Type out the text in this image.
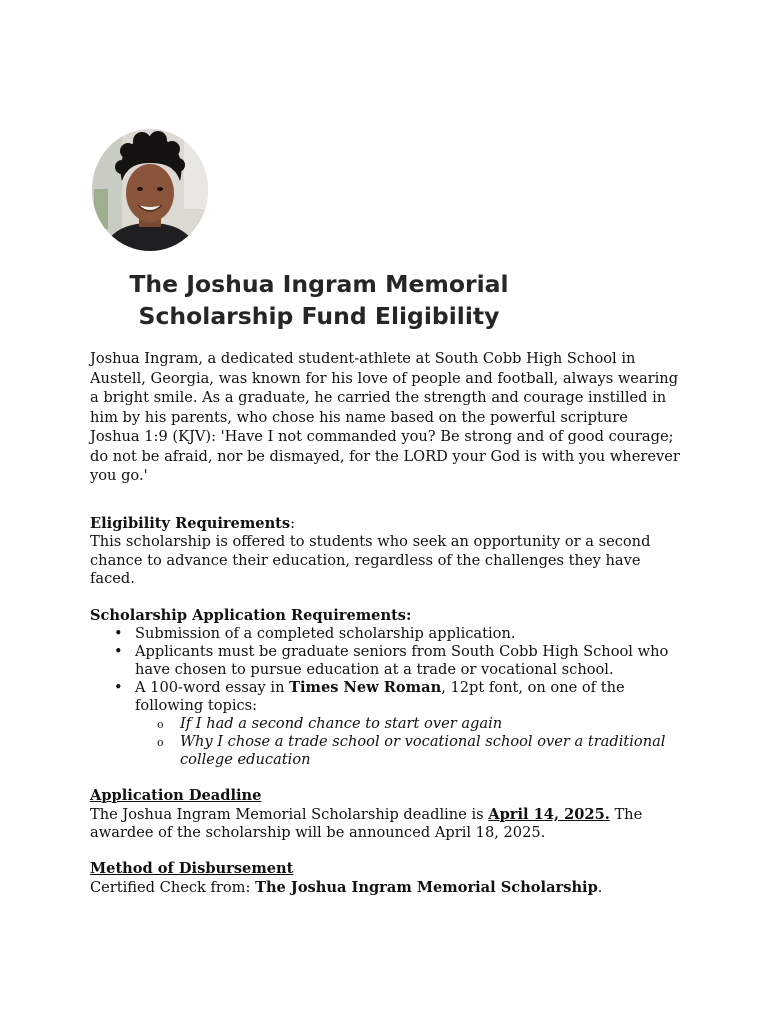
The Joshua Ingram Memorial
Scholarship Fund Eligibility

Joshua Ingram, a dedicated student-athlete at South Cobb High School in Austell, Georgia, was known for his love of people and football, always wearing a bright smile. As a graduate, he carried the strength and courage instilled in him by his parents, who chose his name based on the powerful scripture Joshua 1:9 (KJV): 'Have I not commanded you? Be strong and of good courage; do not be afraid, nor be dismayed, for the LORD your God is with you wherever you go.'

Eligibility Requirements:

This scholarship is offered to students who seek an opportunity or a second chance to advance their education, regardless of the challenges they have faced.

Scholarship Application Requirements:

• Submission of a completed scholarship application.
• Applicants must be graduate seniors from South Cobb High School who have chosen to pursue education at a trade or vocational school.
• A 100-word essay in Times New Roman, 12pt font, on one of the following topics:
o If I had a second chance to start over again
o Why I chose a trade school or vocational school over a traditional college education

Application Deadline

The Joshua Ingram Memorial Scholarship deadline is April 14, 2025. The awardee of the scholarship will be announced April 18, 2025.

Method of Disbursement

Certified Check from: The Joshua Ingram Memorial Scholarship.
